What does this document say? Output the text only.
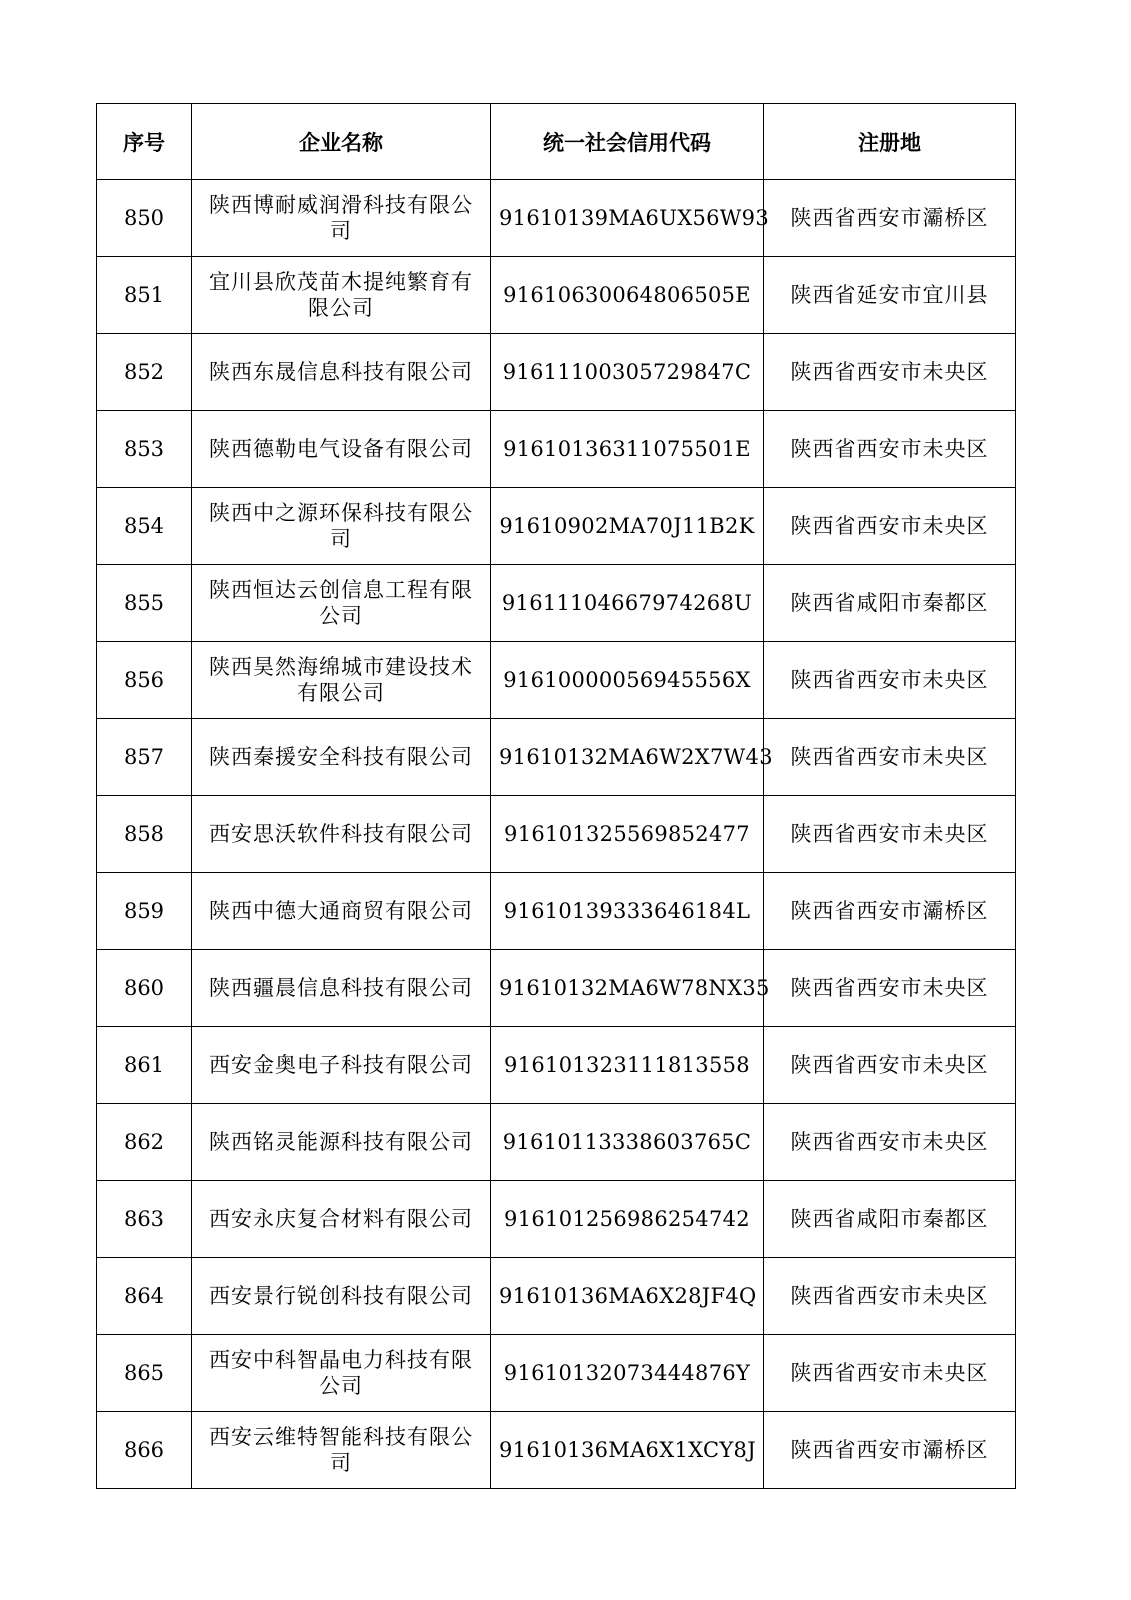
序号	企业名称	统一社会信用代码	注册地
850	陕西博耐威润滑科技有限公司	91610139MA6UX56W93	陕西省西安市灞桥区
851	宜川县欣茂苗木提纯繁育有限公司	91610630064806505E	陕西省延安市宜川县
852	陕西东晟信息科技有限公司	91611100305729847C	陕西省西安市未央区
853	陕西德勒电气设备有限公司	91610136311075501E	陕西省西安市未央区
854	陕西中之源环保科技有限公司	91610902MA70J11B2K	陕西省西安市未央区
855	陕西恒达云创信息工程有限公司	91611104667974268U	陕西省咸阳市秦都区
856	陕西昊然海绵城市建设技术有限公司	91610000056945556X	陕西省西安市未央区
857	陕西秦援安全科技有限公司	91610132MA6W2X7W43	陕西省西安市未央区
858	西安思沃软件科技有限公司	916101325569852477	陕西省西安市未央区
859	陕西中德大通商贸有限公司	91610139333646184L	陕西省西安市灞桥区
860	陕西疆晨信息科技有限公司	91610132MA6W78NX35	陕西省西安市未央区
861	西安金奥电子科技有限公司	916101323111813558	陕西省西安市未央区
862	陕西铭灵能源科技有限公司	91610113338603765C	陕西省西安市未央区
863	西安永庆复合材料有限公司	916101256986254742	陕西省咸阳市秦都区
864	西安景行锐创科技有限公司	91610136MA6X28JF4Q	陕西省西安市未央区
865	西安中科智晶电力科技有限公司	91610132073444876Y	陕西省西安市未央区
866	西安云维特智能科技有限公司	91610136MA6X1XCY8J	陕西省西安市灞桥区
